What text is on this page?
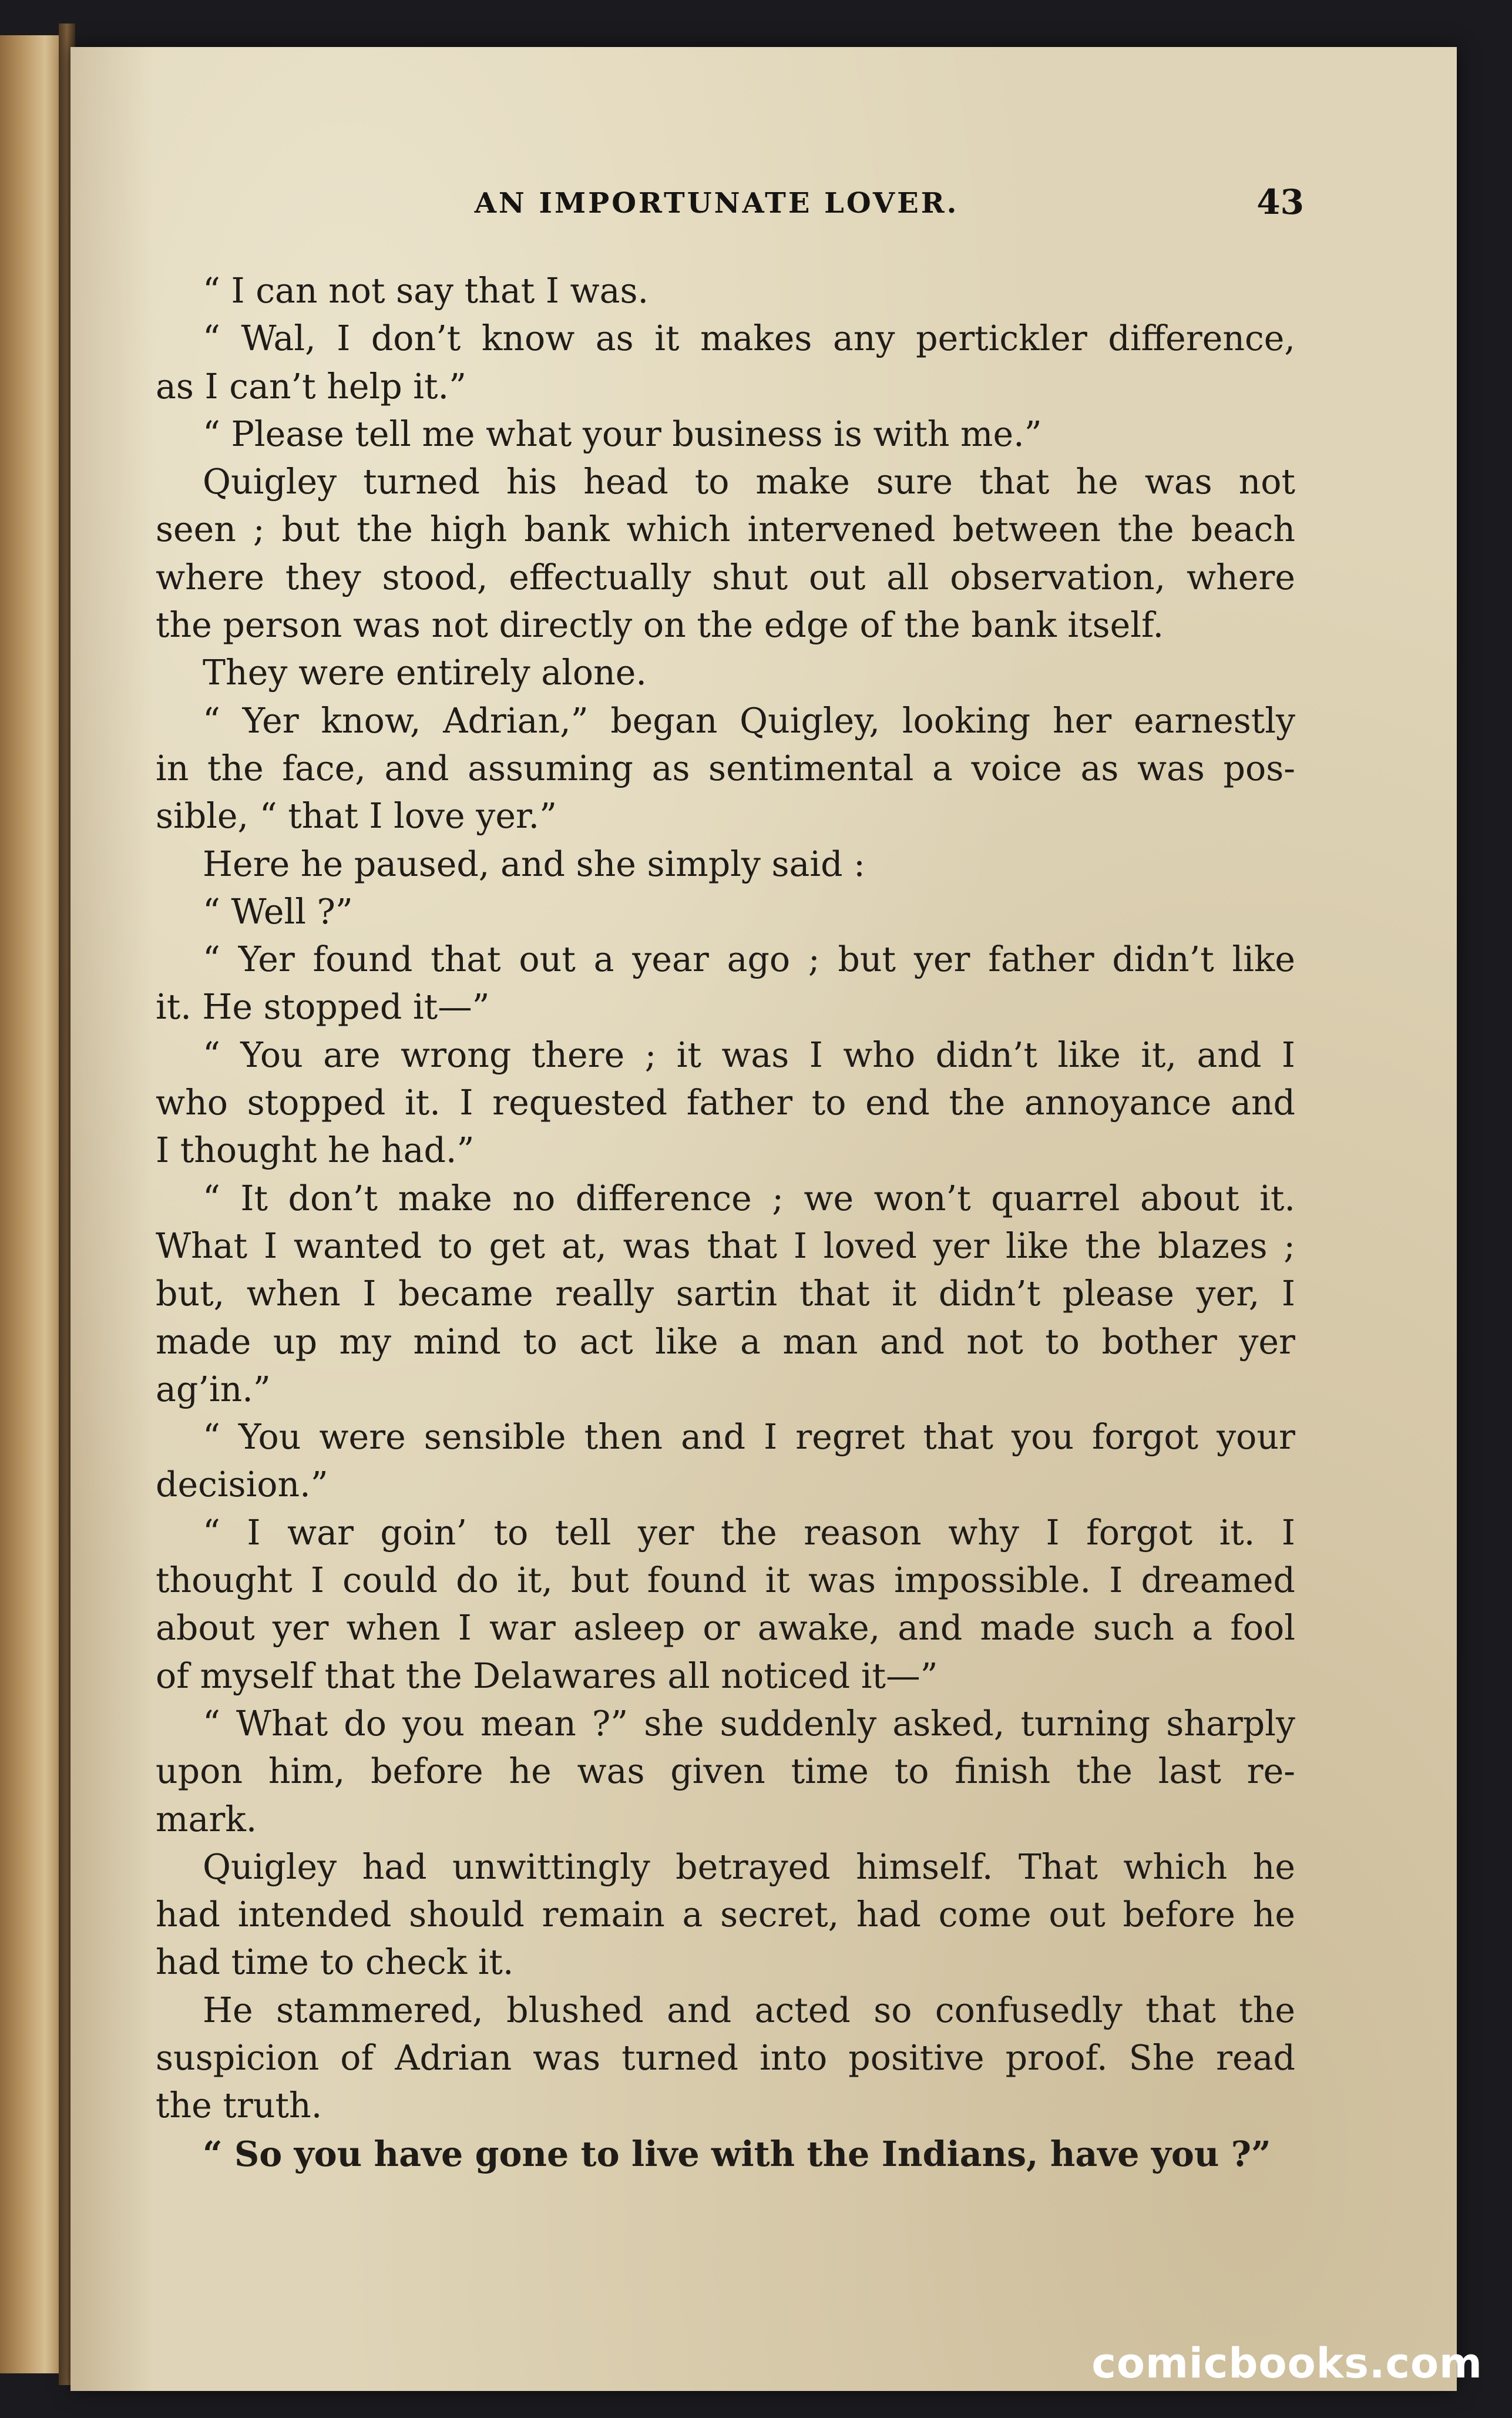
AN IMPORTUNATE LOVER.	43
“ I can not say that I was.
“ Wal, I don’t know as it makes any pertickler difference,
as I can’t help it.”
“ Please tell me what your business is with me.”
Quigley turned his head to make sure that he was not
seen ; but the high bank which intervened between the beach
where they stood, effectually shut out all observation, where
the person was not directly on the edge of the bank itself.
They were entirely alone.
“ Yer know, Adrian,” began Quigley, looking her earnestly
in the face, and assuming as sentimental a voice as was pos-
sible, “ that I love yer.”
Here he paused, and she simply said :
“ Well ?”
“ Yer found that out a year ago ; but yer father didn’t like
it. He stopped it—”
“ You are wrong there ; it was I who didn’t like it, and I
who stopped it. I requested father to end the annoyance and
I thought he had.”
“ It don’t make no difference ; we won’t quarrel about it.
What I wanted to get at, was that I loved yer like the blazes ;
but, when I became really sartin that it didn’t please yer, I
made up my mind to act like a man and not to bother yer
ag’in.”
“ You were sensible then and I regret that you forgot your
decision.”
“ I war goin’ to tell yer the reason why I forgot it. I
thought I could do it, but found it was impossible. I dreamed
about yer when I war asleep or awake, and made such a fool
of myself that the Delawares all noticed it—”
“ What do you mean ?” she suddenly asked, turning sharply
upon him, before he was given time to finish the last re-
mark.
Quigley had unwittingly betrayed himself. That which he
had intended should remain a secret, had come out before he
had time to check it.
He stammered, blushed and acted so confusedly that the
suspicion of Adrian was turned into positive proof. She read
the truth.
“ So you have gone to live with the Indians, have you ?”
comicbooks.com
